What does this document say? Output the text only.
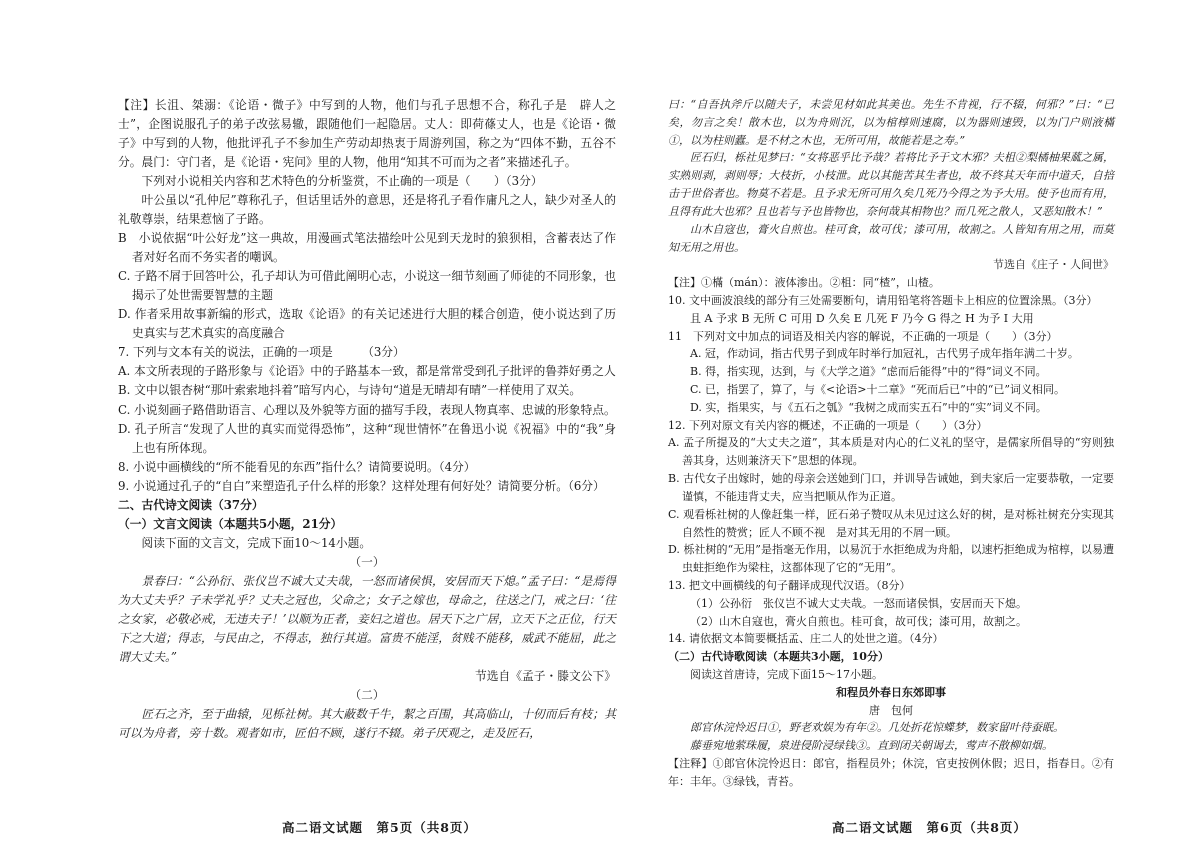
【注】长沮、桀溺：《论语・微子》中写到的人物，他们与孔子思想不合，称孔子是　辟人之士”，企图说服孔子的弟子改弦易辙，跟随他们一起隐居。丈人：即荷蓧丈人，也是《论语・微子》中写到的人物，他批评孔子不参加生产劳动却热衷于周游列国，称之为“四体不勤，五谷不分。晨门：守门者，是《论语・宪问》里的人物，他用“知其不可而为之者”来描述孔子。

下列对小说相关内容和艺术特色的分析鉴赏，不止确的一项是（　　）（3分）

叶公虽以“孔仲尼”尊称孔子，但话里话外的意思，还是将孔子看作庸凡之人，缺少对圣人的礼敬尊崇，结果惹恼了子路。

B　小说依据“叶公好龙”这一典故，用漫画式笔法描绘叶公见到天龙时的狼狈相，含蓄表达了作者对好名而不务实者的嘲讽。

C. 子路不屑于回答叶公，孔子却认为可借此阐明心志，小说这一细节刻画了师徒的不同形象，也揭示了处世需要智慧的主题

D. 作者采用故事新编的形式，选取《论语》的有关记述进行大胆的糅合创造，使小说达到了历史真实与艺术真实的高度融合

7. 下列与文本有关的说法，正确的一项是　　　（3分）

A. 本文所表现的子路形象与《论语》中的子路基本一致，都是常常受到孔子批评的鲁莽好勇之人

B. 文中以银杏树“那叶索索地抖着”暗写内心，与诗句“道是无晴却有晴”一样使用了双关。

C. 小说刻画子路借助语言、心理以及外貌等方面的描写手段，表现人物真率、忠诚的形象特点。

D. 孔子所言“发现了人世的真实而觉得恐怖”，这种“现世情怀”在鲁迅小说《祝福》中的“我”身上也有所体现。

8. 小说中画横线的“所不能看见的东西”指什么？请简要说明。（4分）

9. 小说通过孔子的“自白”来塑造孔子什么样的形象？这样处理有何好处？请简要分析。（6分）

二、古代诗文阅读（37分）

（一）文言文阅读（本题共5小题，21分）

阅读下面的文言文，完成下面10～14小题。

（一）

景春曰：“公孙衍、张仪岂不诚大丈夫哉，一怒而诸侯惧，安居而天下熄。”孟子曰：“是焉得为大丈夫乎？子未学礼乎？丈夫之冠也，父命之；女子之嫁也，母命之，往送之门，戒之曰：‘往之女家，必敬必戒，无违夫子！’以顺为正者，妾妇之道也。居天下之广居，立天下之正位，行天下之大道；得志，与民由之，不得志，独行其道。富贵不能淫，贫贱不能移，威武不能屈，此之谓大丈夫。”

节选自《孟子・滕文公下》

（二）

匠石之齐，至于曲辕，见栎社树。其大蔽数千牛，絜之百围，其高临山，十仞而后有枝；其可以为舟者，旁十数。观者如市，匠伯不顾，遂行不辍。弟子厌观之，走及匠石，

高二语文试题　第5页（共8页）

曰：“自吾执斧斤以随夫子，未尝见材如此其美也。先生不肯视，行不辍，何邪？”曰：“已矣，勿言之矣！散木也，以为舟则沉，以为棺椁则速腐，以为器则速毁，以为门户则液樠①，以为柱则蠹。是不材之木也，无所可用，故能若是之寿。”

匠石归，栎社见梦曰：“女将恶乎比予哉？若将比予于文木邪？夫柤②梨橘柚果蓏之属，实熟则剥，剥则辱；大枝折，小枝泄。此以其能苦其生者也，故不终其天年而中道夭，自掊击于世俗者也。物莫不若是。且予求无所可用久矣几死乃今得之为予大用。使予也而有用，且得有此大也邪？且也若与予也皆物也，奈何哉其相物也？而几死之散人，又恶知散木！”

山木自寇也，膏火自煎也。桂可食，故可伐；漆可用，故割之。人皆知有用之用，而莫知无用之用也。

节选自《庄子・人间世》

【注】①樠（mán）：液体渗出。②柤：同“楂”，山楂。

10. 文中画波浪线的部分有三处需要断句，请用铅笔将答题卡上相应的位置涂黑。（3分）

且 A 予求 B 无所 C 可用 D 久矣 E 几死 F 乃今 G 得之 H 为予 I 大用

11　下列对文中加点的词语及相关内容的解说，不正确的一项是（　　）（3分）

A. 冠，作动词，指古代男子到成年时举行加冠礼，古代男子成年指年满二十岁。

B. 得，指实现，达到，与《大学之道》“虑而后能得”中的“得”词义不同。

C. 已，指罢了，算了，与《<论语>十二章》“死而后已”中的“已”词义相同。

D. 实，指果实，与《五石之瓠》“我树之成而实五石”中的“实”词义不同。

12. 下列对原文有关内容的概述，不正确的一项是（　　）（3分）

A. 孟子所提及的“大丈夫之道”，其本质是对内心的仁义礼的坚守，是儒家所倡导的“穷则独善其身，达则兼济天下”思想的体现。

B. 古代女子出嫁时，她的母亲会送她到门口，并训导告诫她，到夫家后一定要恭敬，一定要谨慎，不能违背丈夫，应当把顺从作为正道。

C. 观看栎社树的人像赶集一样，匠石弟子赞叹从未见过这么好的树，是对栎社树充分实现其自然性的赞赏；匠人不顾不视　是对其无用的不屑一顾。

D. 栎社树的“无用”是指毫无作用，以易沉于水拒绝成为舟船，以速朽拒绝成为棺椁，以易遭虫蛀拒绝作为梁柱，这都体现了它的“无用”。

13. 把文中画横线的句子翻译成现代汉语。（8分）

（1）公孙衍　张仪岂不诚大丈夫哉。一怒而诸侯惧，安居而天下熄。

（2）山木自寇也，膏火自煎也。桂可食，故可伐；漆可用，故割之。

14. 请依据文本简要概括孟、庄二人的处世之道。（4分）

（二）古代诗歌阅读（本题共3小题，10分）

阅读这首唐诗，完成下面15～17小题。

和程员外春日东郊即事

唐　包何

郎官休浣怜迟日①，野老欢娱为有年②。几处折花惊蝶梦，数家留叶待蚕眠。

藤垂宛地萦珠履，泉进侵阶浸绿钱③。直到闭关朝谒去，莺声不散柳如烟。

【注释】①郎官休浣怜迟日：郎官，指程员外；休浣，官吏按例休假；迟日，指春日。②有年：丰年。③绿钱，青苔。

高二语文试题　第6页（共8页）
